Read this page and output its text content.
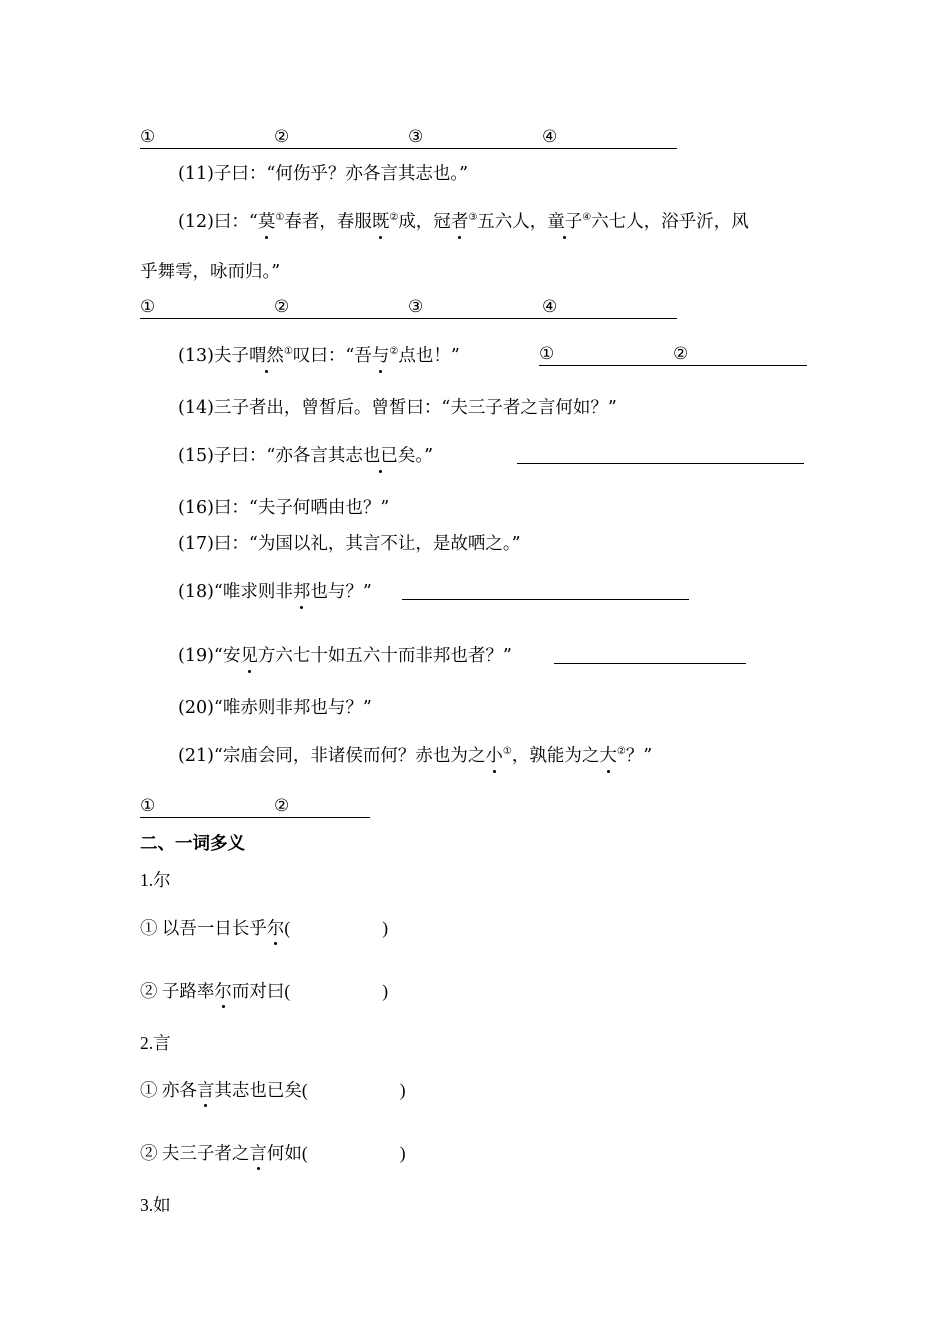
①	②	③	④
(11)子曰：“何伤乎？亦各言其志也。”
(12)曰：“莫①春者，春服既②成，冠者③五六人，童子④六七人，浴乎沂，风
乎舞雩，咏而归。”
①	②	③	④
(13)夫子喟然①叹曰：“吾与②点也！”	①	②
(14)三子者出，曾皙后。曾皙曰：“夫三子者之言何如？”
(15)子曰：“亦各言其志也已矣。”
(16)曰：“夫子何哂由也？”
(17)曰：“为国以礼，其言不让，是故哂之。”
(18)“唯求则非邦也与？”
(19)“安见方六七十如五六十而非邦也者？”
(20)“唯赤则非邦也与？”
(21)“宗庙会同，非诸侯而何？赤也为之小①，孰能为之大②？”
①	②
二、一词多义
1.尔
① 以吾一日长乎尔(	)
② 子路率尔而对曰(	)
2.言
① 亦各言其志也已矣(	)
② 夫三子者之言何如(	)
3.如
